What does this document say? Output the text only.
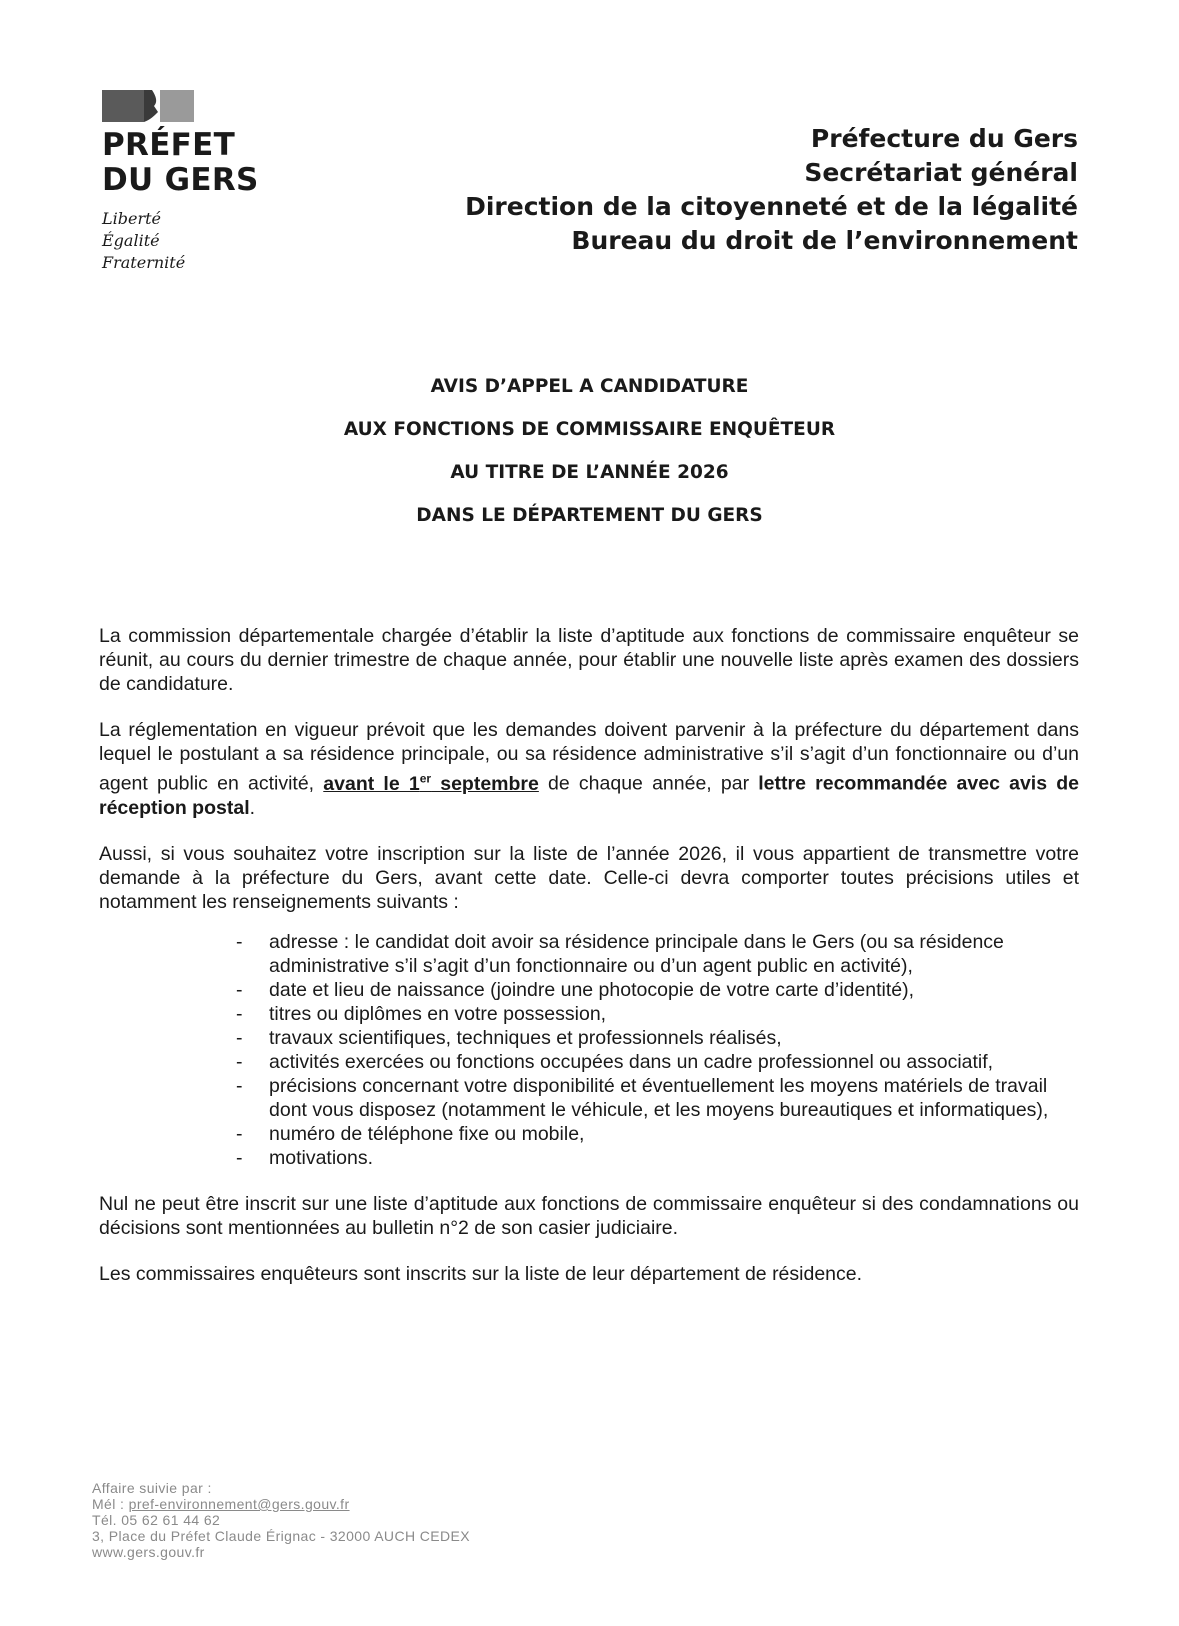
PRÉFET
DU GERS
Liberté
Égalité
Fraternité
Préfecture du Gers
Secrétariat général
Direction de la citoyenneté et de la légalité
Bureau du droit de l’environnement
AVIS D’APPEL A CANDIDATURE
AUX FONCTIONS DE COMMISSAIRE ENQUÊTEUR
AU TITRE DE L’ANNÉE 2026
DANS LE DÉPARTEMENT DU GERS

La commission départementale chargée d’établir la liste d’aptitude aux fonctions de commissaire enquêteur se réunit, au cours du dernier trimestre de chaque année, pour établir une nouvelle liste après examen des dossiers de candidature.

La réglementation en vigueur prévoit que les demandes doivent parvenir à la préfecture du département dans lequel le postulant a sa résidence principale, ou sa résidence administrative s’il s’agit d’un fonctionnaire ou d’un agent public en activité, avant le 1er septembre de chaque année, par lettre recommandée avec avis de réception postal.

Aussi, si vous souhaitez votre inscription sur la liste de l’année 2026, il vous appartient de transmettre votre demande à la préfecture du Gers, avant cette date. Celle-ci devra comporter toutes précisions utiles et notamment les renseignements suivants :

- adresse : le candidat doit avoir sa résidence principale dans le Gers (ou sa résidence administrative s’il s’agit d’un fonctionnaire ou d’un agent public en activité),
- date et lieu de naissance (joindre une photocopie de votre carte d’identité),
- titres ou diplômes en votre possession,
- travaux scientifiques, techniques et professionnels réalisés,
- activités exercées ou fonctions occupées dans un cadre professionnel ou associatif,
- précisions concernant votre disponibilité et éventuellement les moyens matériels de travail dont vous disposez (notamment le véhicule, et les moyens bureautiques et informatiques),
- numéro de téléphone fixe ou mobile,
- motivations.

Nul ne peut être inscrit sur une liste d’aptitude aux fonctions de commissaire enquêteur si des condamnations ou décisions sont mentionnées au bulletin n°2 de son casier judiciaire.

Les commissaires enquêteurs sont inscrits sur la liste de leur département de résidence.

Affaire suivie par :
Mél : pref-environnement@gers.gouv.fr
Tél. 05 62 61 44 62
3, Place du Préfet Claude Érignac - 32000 AUCH CEDEX
www.gers.gouv.fr
